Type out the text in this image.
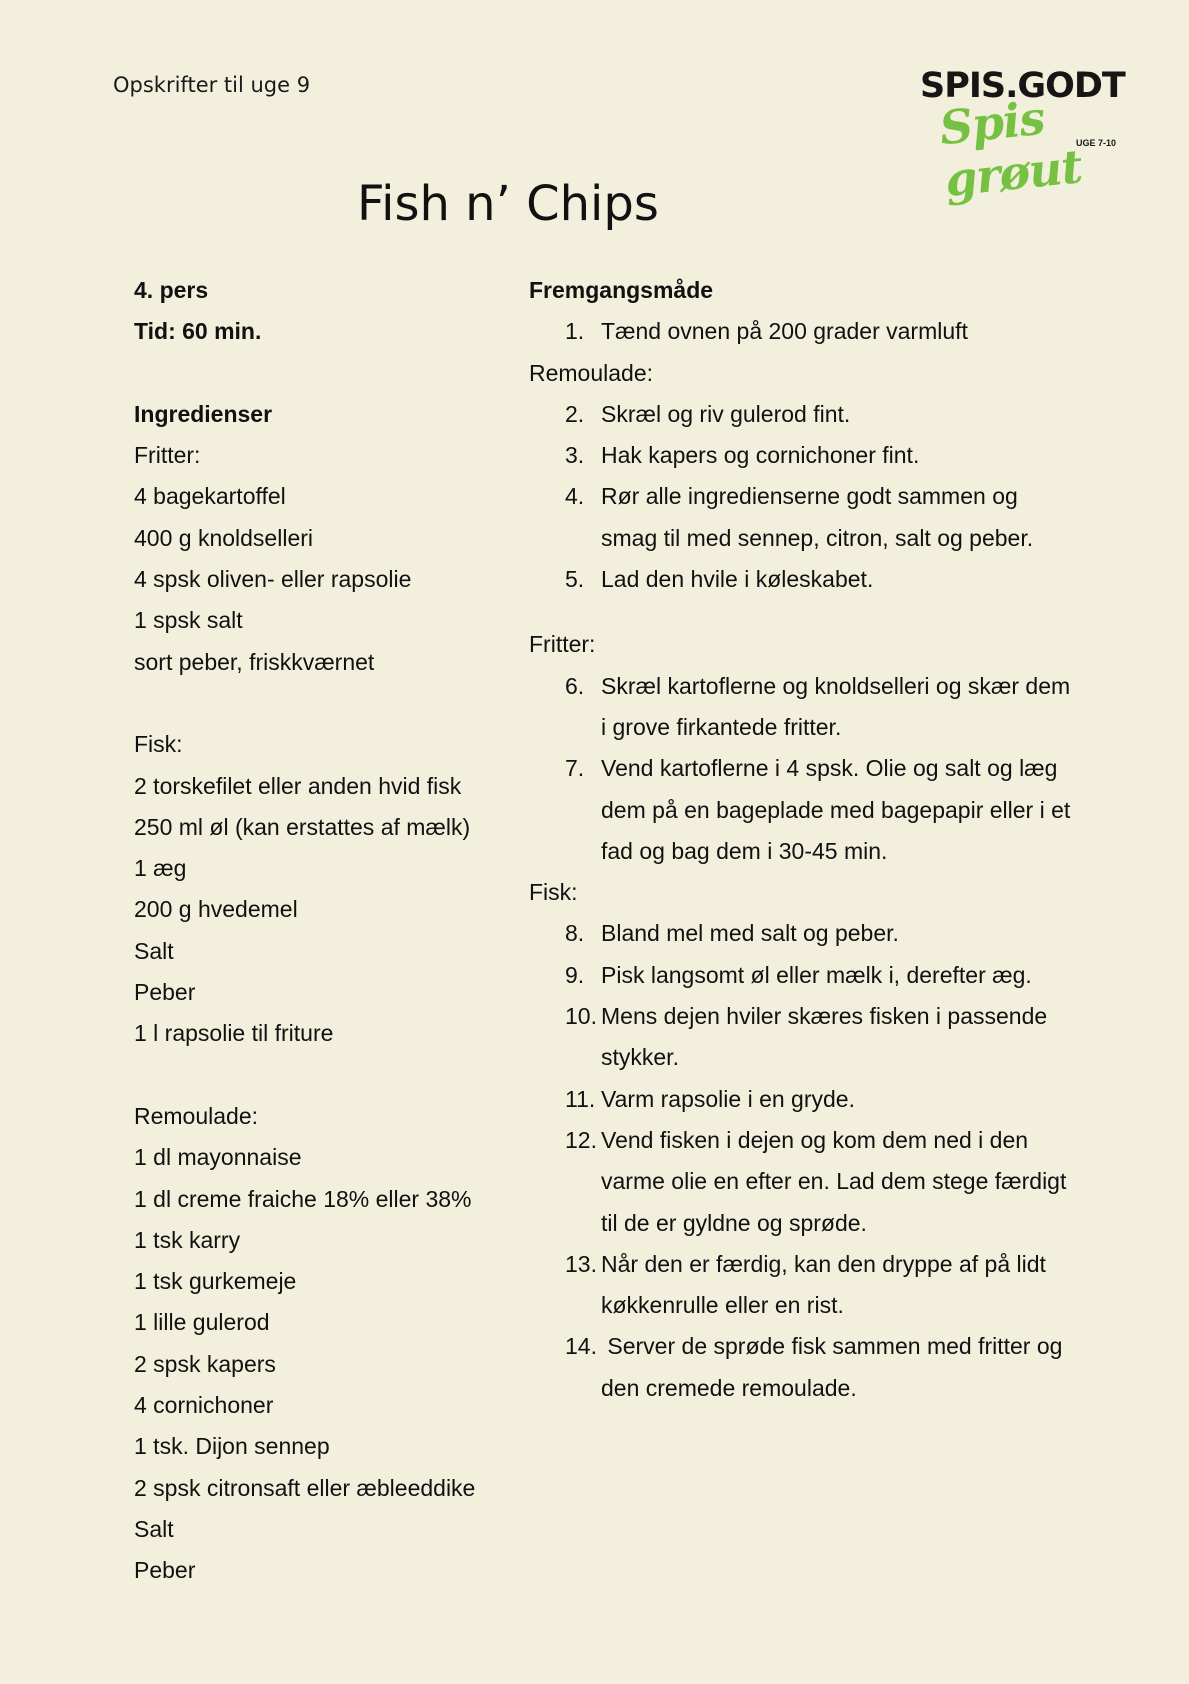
Opskrifter til uge 9	SPIS.GODT
Spis grøut
UGE 7-10
Fish n’ Chips
4. pers
Tid: 60 min.
Ingredienser
Fritter:
4 bagekartoffel
400 g knoldselleri
4 spsk oliven- eller rapsolie
1 spsk salt
sort peber, friskkværnet
Fisk:
2 torskefilet eller anden hvid fisk
250 ml øl (kan erstattes af mælk)
1 æg
200 g hvedemel
Salt
Peber
1 l rapsolie til friture
Remoulade:
1 dl mayonnaise
1 dl creme fraiche 18% eller 38%
1 tsk karry
1 tsk gurkemeje
1 lille gulerod
2 spsk kapers
4 cornichoner
1 tsk. Dijon sennep
2 spsk citronsaft eller æbleeddike
Salt
Peber
Fremgangsmåde
1. Tænd ovnen på 200 grader varmluft
Remoulade:
2. Skræl og riv gulerod fint.
3. Hak kapers og cornichoner fint.
4. Rør alle ingredienserne godt sammen og
smag til med sennep, citron, salt og peber.
5. Lad den hvile i køleskabet.
Fritter:
6. Skræl kartoflerne og knoldselleri og skær dem
i grove firkantede fritter.
7. Vend kartoflerne i 4 spsk. Olie og salt og læg
dem på en bageplade med bagepapir eller i et
fad og bag dem i 30-45 min.
Fisk:
8. Bland mel med salt og peber.
9. Pisk langsomt øl eller mælk i, derefter æg.
10. Mens dejen hviler skæres fisken i passende
stykker.
11. Varm rapsolie i en gryde.
12. Vend fisken i dejen og kom dem ned i den
varme olie en efter en. Lad dem stege færdigt
til de er gyldne og sprøde.
13. Når den er færdig, kan den dryppe af på lidt
køkkenrulle eller en rist.
14. Server de sprøde fisk sammen med fritter og
den cremede remoulade.
